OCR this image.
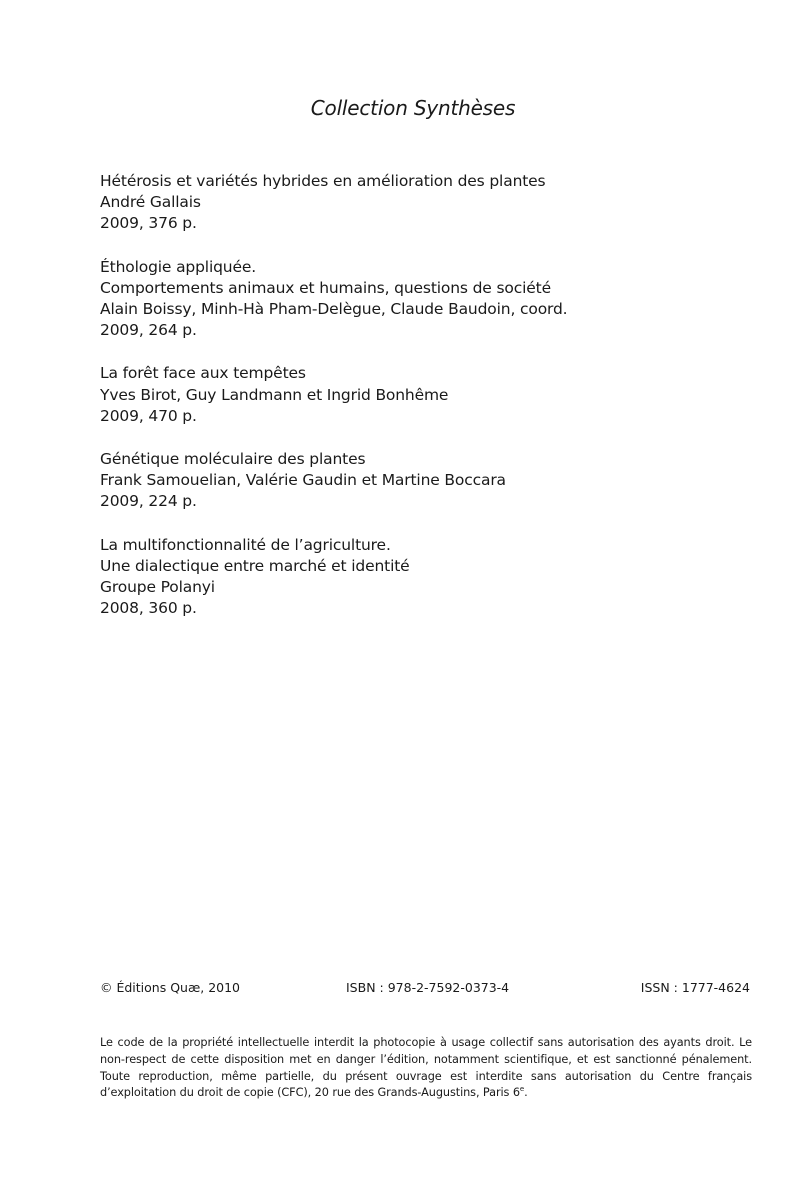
Collection Synthèses
Hétérosis et variétés hybrides en amélioration des plantes
André Gallais
2009, 376 p.
Éthologie appliquée.
Comportements animaux et humains, questions de société
Alain Boissy, Minh-Hà Pham-Delègue, Claude Baudoin, coord.
2009, 264 p.
La forêt face aux tempêtes
Yves Birot, Guy Landmann et Ingrid Bonhême
2009, 470 p.
Génétique moléculaire des plantes
Frank Samouelian, Valérie Gaudin et Martine Boccara
2009, 224 p.
La multifonctionnalité de l’agriculture.
Une dialectique entre marché et identité
Groupe Polanyi
2008, 360 p.
© Éditions Quæ, 2010	ISBN : 978-2-7592-0373-4	ISSN : 1777-4624

Le code de la propriété intellectuelle interdit la photocopie à usage collectif sans autorisation des ayants droit. Le non-respect de cette disposition met en danger l’édition, notamment scientifique, et est sanctionné pénalement. Toute reproduction, même partielle, du présent ouvrage est interdite sans autorisation du Centre français d’exploitation du droit de copie (CFC), 20 rue des Grands-Augustins, Paris 6e.
